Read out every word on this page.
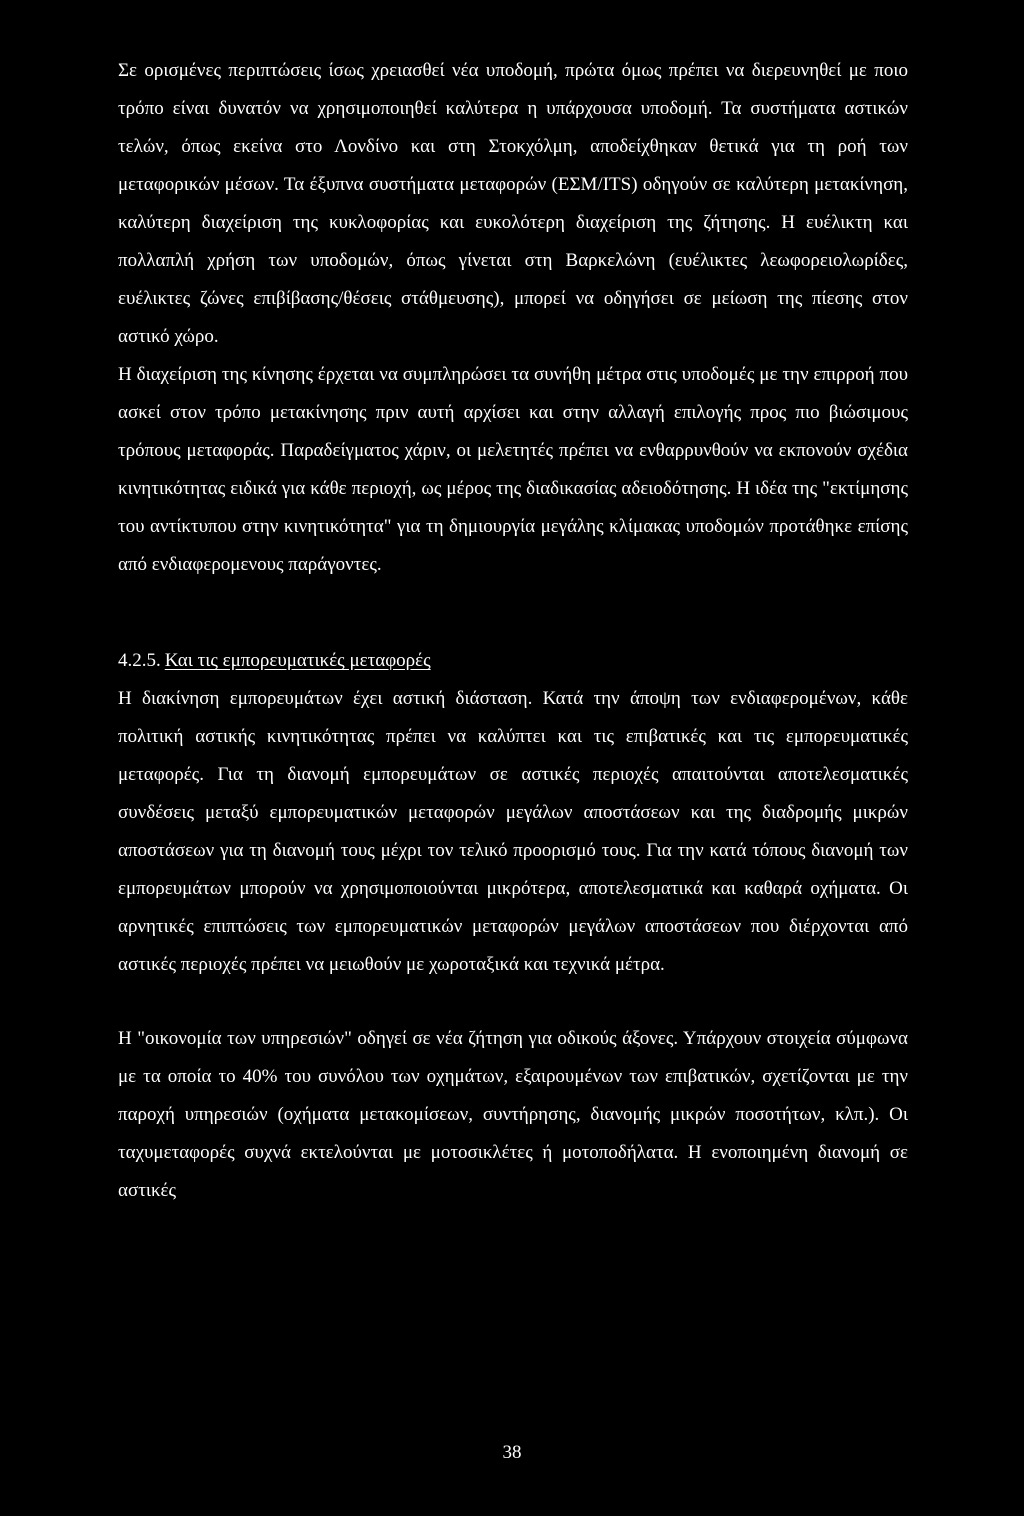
Σε ορισμένες περιπτώσεις ίσως χρειασθεί νέα υποδομή, πρώτα όμως πρέπει να διερευνηθεί με ποιο τρόπο είναι δυνατόν να χρησιμοποιηθεί καλύτερα η υπάρχουσα υποδομή. Τα συστήματα αστικών τελών, όπως εκείνα στο Λονδίνο και στη Στοκχόλμη, αποδείχθηκαν θετικά για τη ροή των μεταφορικών μέσων. Τα έξυπνα συστήματα μεταφορών (ΕΣΜ/ITS) οδηγούν σε καλύτερη μετακίνηση, καλύτερη διαχείριση της κυκλοφορίας και ευκολότερη διαχείριση της ζήτησης. Η ευέλικτη και πολλαπλή χρήση των υποδομών, όπως γίνεται στη Βαρκελώνη (ευέλικτες λεωφορειολωρίδες, ευέλικτες ζώνες επιβίβασης/θέσεις στάθμευσης), μπορεί να οδηγήσει σε μείωση της πίεσης στον αστικό χώρο.

Η διαχείριση της κίνησης έρχεται να συμπληρώσει τα συνήθη μέτρα στις υποδομές με την επιρροή που ασκεί στον τρόπο μετακίνησης πριν αυτή αρχίσει και στην αλλαγή επιλογής προς πιο βιώσιμους τρόπους μεταφοράς. Παραδείγματος χάριν, οι μελετητές πρέπει να ενθαρρυνθούν να εκπονούν σχέδια κινητικότητας ειδικά για κάθε περιοχή, ως μέρος της διαδικασίας αδειοδότησης. Η ιδέα της "εκτίμησης του αντίκτυπου στην κινητικότητα" για τη δημιουργία μεγάλης κλίμακας υποδομών προτάθηκε επίσης από ενδιαφερομενους παράγοντες.

4.2.5. Και τις εμπορευματικές μεταφορές

Η διακίνηση εμπορευμάτων έχει αστική διάσταση. Κατά την άποψη των ενδιαφερομένων, κάθε πολιτική αστικής κινητικότητας πρέπει να καλύπτει και τις επιβατικές και τις εμπορευματικές μεταφορές. Για τη διανομή εμπορευμάτων σε αστικές περιοχές απαιτούνται αποτελεσματικές συνδέσεις μεταξύ εμπορευματικών μεταφορών μεγάλων αποστάσεων και της διαδρομής μικρών αποστάσεων για τη διανομή τους μέχρι τον τελικό προορισμό τους. Για την κατά τόπους διανομή των εμπορευμάτων μπορούν να χρησιμοποιούνται μικρότερα, αποτελεσματικά και καθαρά οχήματα. Οι αρνητικές επιπτώσεις των εμπορευματικών μεταφορών μεγάλων αποστάσεων που διέρχονται από αστικές περιοχές πρέπει να μειωθούν με χωροταξικά και τεχνικά μέτρα.

Η "οικονομία των υπηρεσιών" οδηγεί σε νέα ζήτηση για οδικούς άξονες. Υπάρχουν στοιχεία σύμφωνα με τα οποία το 40% του συνόλου των οχημάτων, εξαιρουμένων των επιβατικών, σχετίζονται με την παροχή υπηρεσιών (οχήματα μετακομίσεων, συντήρησης, διανομής μικρών ποσοτήτων, κλπ.). Οι ταχυμεταφορές συχνά εκτελούνται με μοτοσικλέτες ή μοτοποδήλατα. Η ενοποιημένη διανομή σε αστικές

38
